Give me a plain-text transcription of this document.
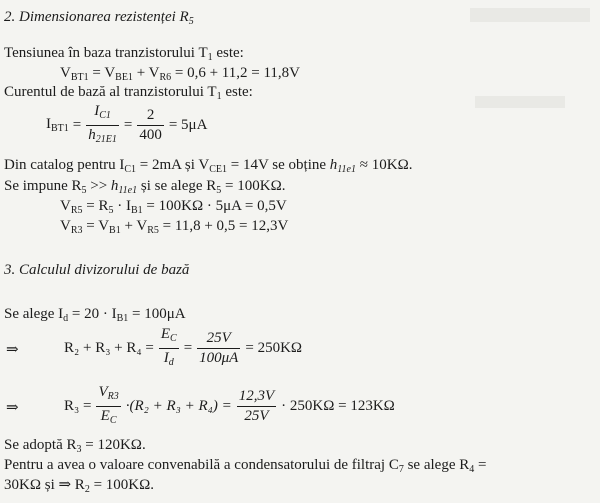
2. Dimensionarea rezistenței $R_5$
Tensiunea în baza tranzistorului $T_1$ este:
$V_{BT1} = V_{BE1} + V_{R6} = 0,6 + 11,2 = 11,8V$
Curentul de bază al tranzistorului $T_1$ este:
$I_{BT1} = \frac{I_{C1}}{h_{21E1}} = \frac{2}{400} = 5\mu A$
Din catalog pentru $I_{C1} = 2mA$ și $V_{CE1} = 14V$ se obține $h_{11e1} \approx 10K\Omega$.
Se impune $R_5 >> h_{11e1}$ și se alege $R_5 = 100K\Omega$.
$V_{R5} = R_5 \cdot I_{B1} = 100K\Omega \cdot 5\mu A = 0,5V$
$V_{R3} = V_{B1} + V_{R5} = 11,8 + 0,5 = 12,3V$
3. Calculul divizorului de bază
Se alege $I_d = 20 \cdot I_{B1} = 100\mu A$
⇒	$R_2 + R_3 + R_4 = \frac{E_C}{I_d} = \frac{25V}{100\mu A} = 250K\Omega$
⇒	$R_3 = \frac{V_{R3}}{E_C} \cdot(R_2 + R_3 + R_4) = \frac{12,3V}{25V} \cdot 250K\Omega = 123K\Omega$
Se adoptă $R_3 = 120K\Omega$.
Pentru a avea o valoare convenabilă a condensatorului de filtraj $C_7$ se alege $R_4$ =
30KΩ și ⇒ $R_2 = 100K\Omega$.
